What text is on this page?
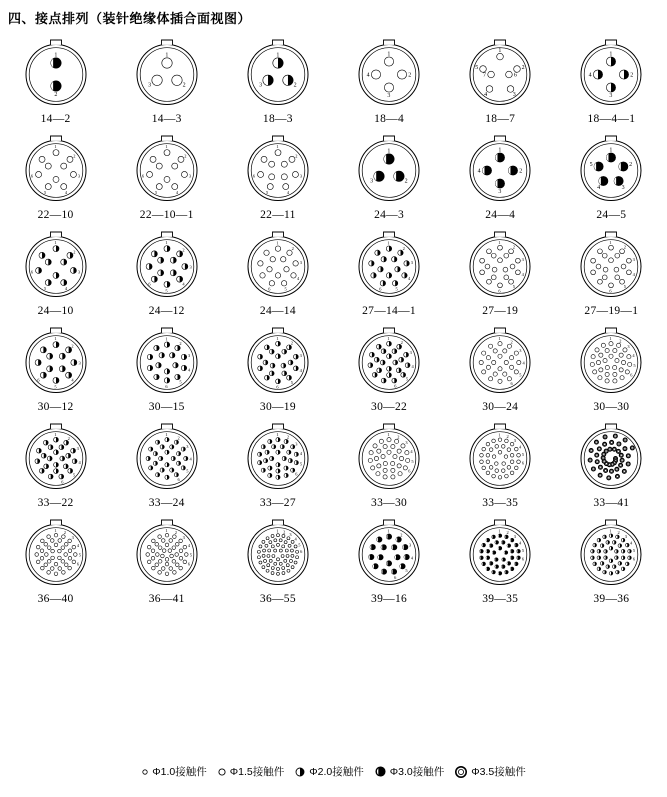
四、接点排列（装针绝缘体插合面视图）
1
2
14—2
1
2
3
14—3
1
2
3
18—3
1
2
3
4
18—4
1
2
3
4
5
6
7
18—7
1
2
3
4
18—4—1
1
2
3
4
5
6
22—10
1
2
3
4
5
6
22—10—1
1
2
3
4
5
6
22—11
1
2
3
24—3
1
2
3
4
24—4
1
2
3
4
5
24—5
1
2
3
4
5
6
24—10
1
2
3
4
5
6
24—12
1
2
3
4
5
6
24—14
1
2
3
4
5
6
27—14—1
1
2
3
4
5
6
27—19
1
2
3
4
5
6
27—19—1
1
2
3
4
5
6
30—12
1
2
3
4
5
6
30—15
1
2
3
4
5
6
30—19
1
2
3
4
5
6
30—22
1
2
3
4
5
6
30—24
1 2
3
4
5
6
30—30
1
2
3
4
5
6
33—22
1
2
3
4
5
6
33—24
1 2
3
4
5
6
33—27
1 2
3
4
5
6
33—30
1 2
3
4
5
6
33—35	33—41
1 2
3
4
5
6
36—40
1 2
3
4
5
6
36—41
1 2
3
4
5
6
36—55
1
2
3
4
5
6
39—16
1 2
3
4
5
6
39—35
1 2
3
4
5
6
39—36
Φ1.0接触件 Φ1.5接触件 Φ2.0接触件 Φ3.0接触件	Φ3.5接触件
